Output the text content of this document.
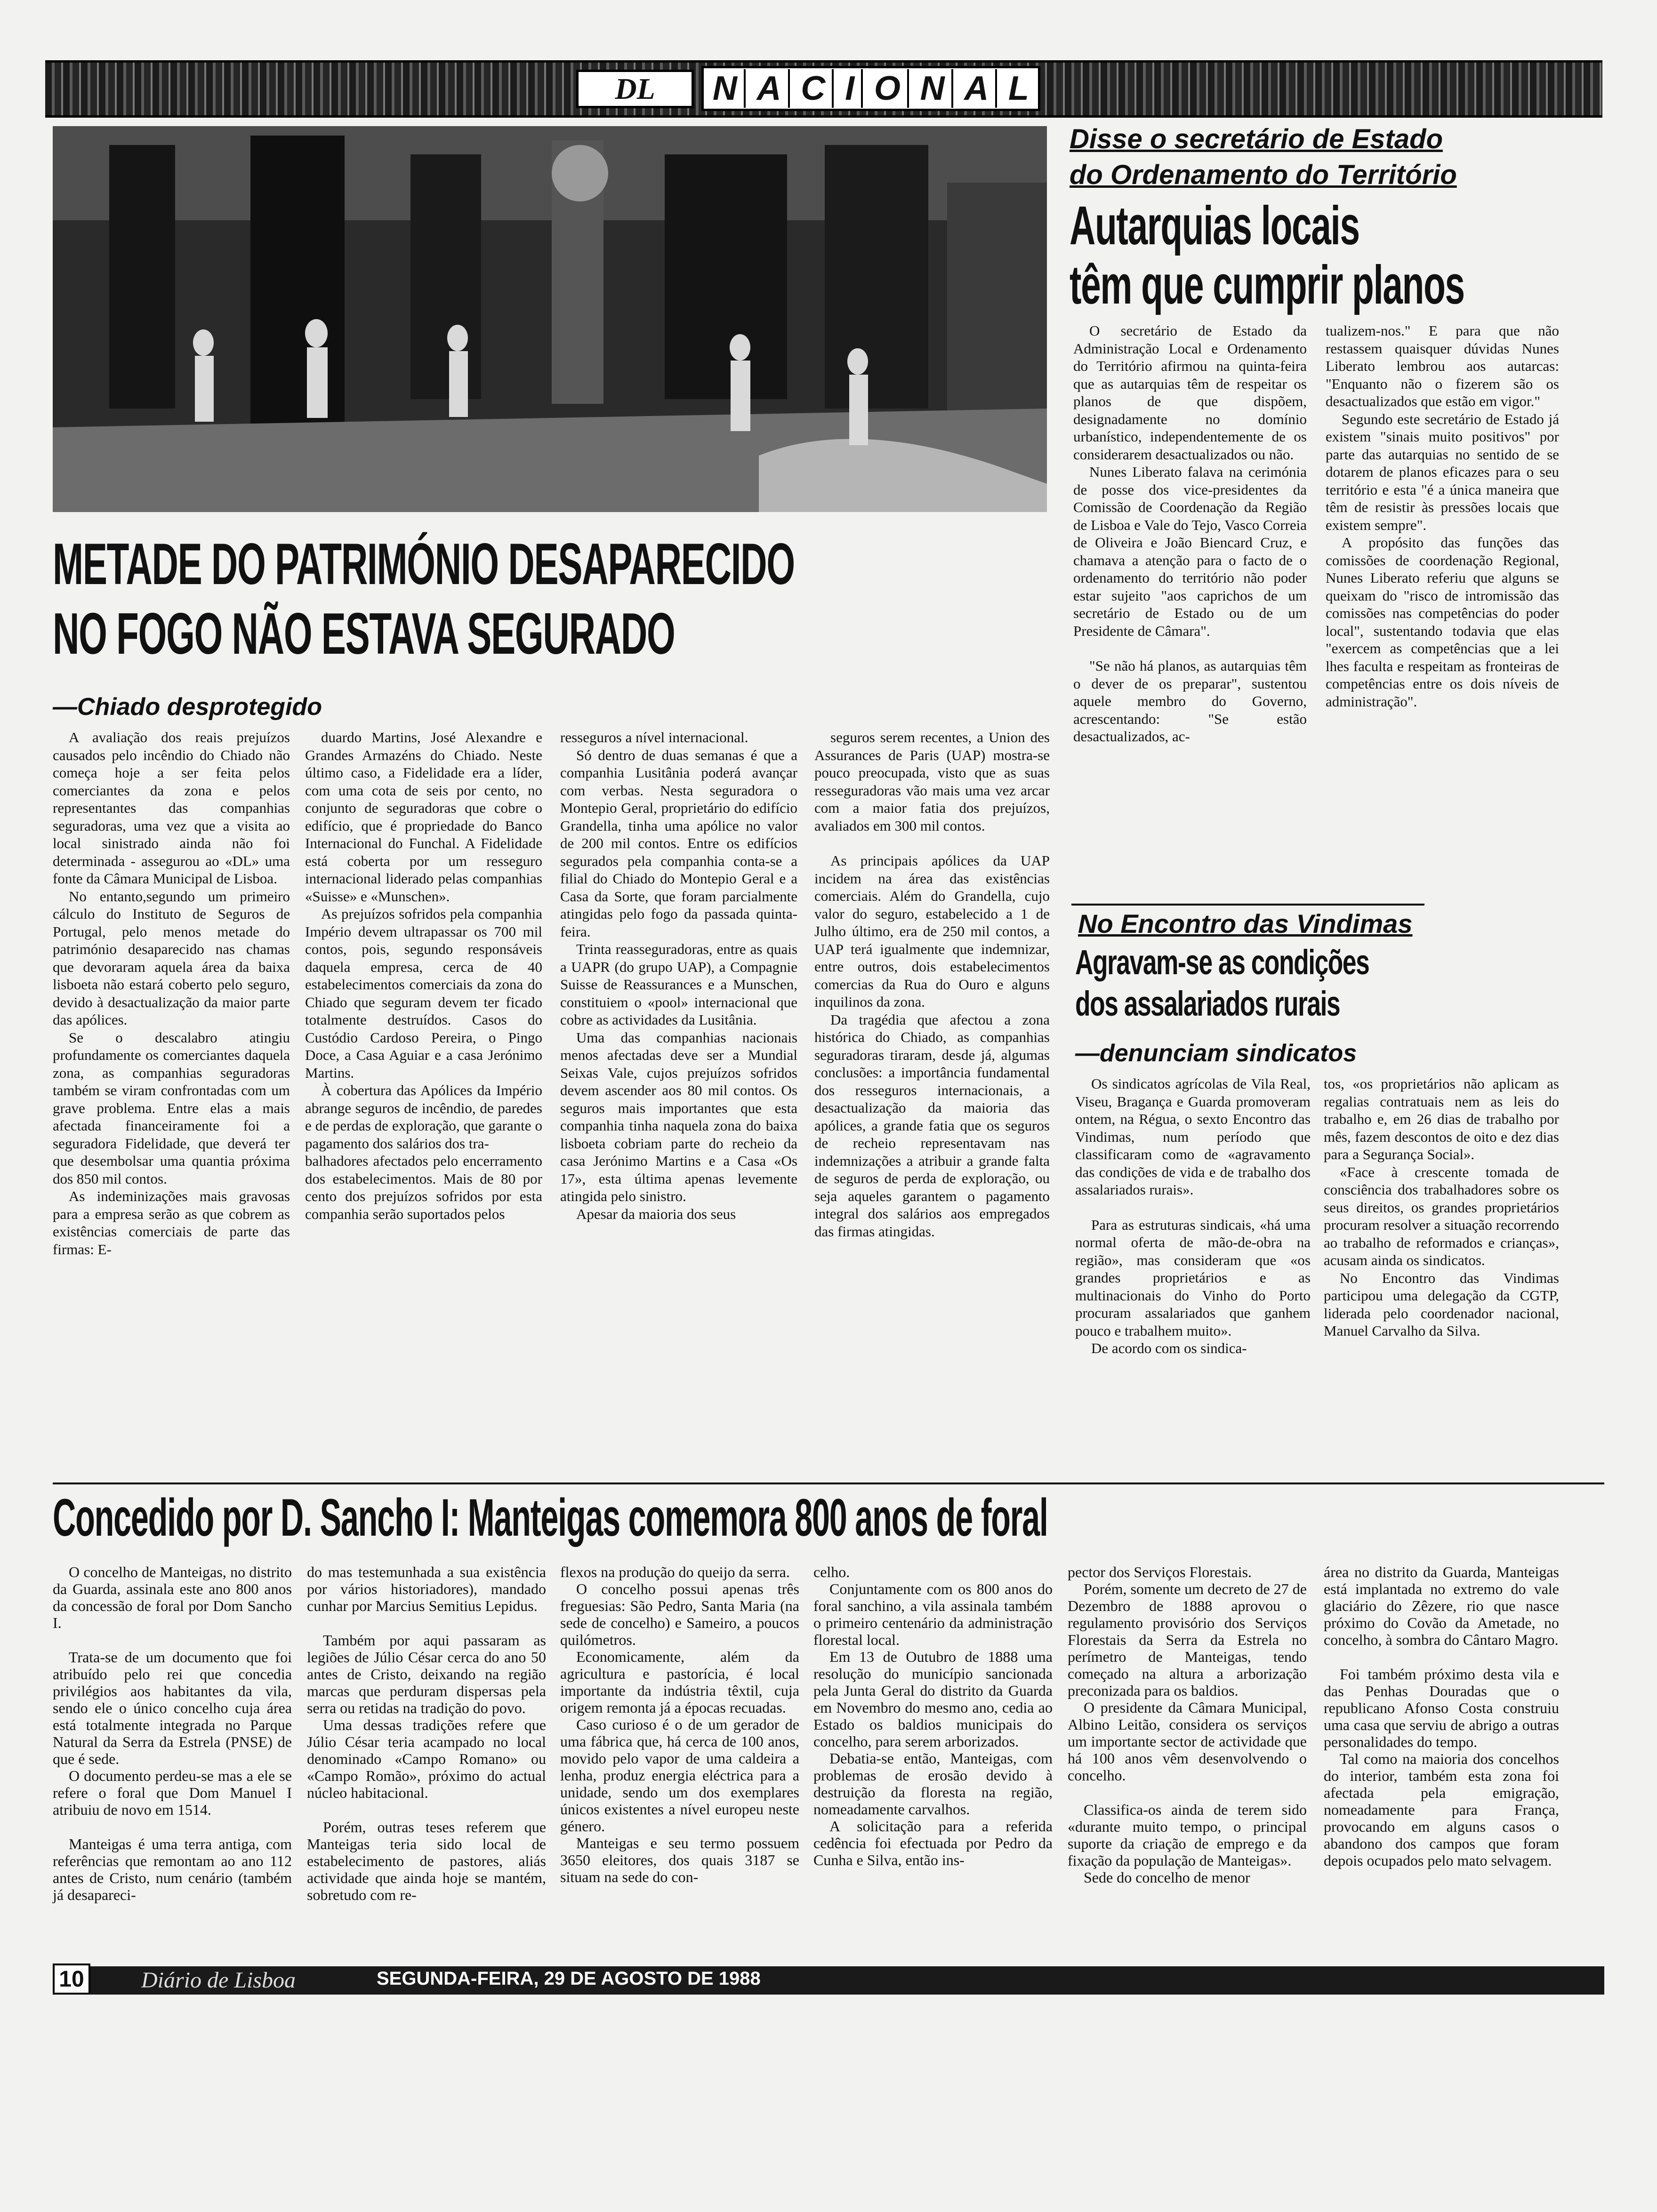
DL N A C I O N A L
METADE DO PATRIMÓNIO DESAPARECIDO
NO FOGO NÃO ESTAVA SEGURADO
—Chiado desprotegido

A avaliação dos reais prejuízos causados pelo incêndio do Chiado não começa hoje a ser feita pelos comerciantes da zona e pelos representantes das companhias seguradoras, uma vez que a visita ao local sinistrado ainda não foi determinada - assegurou ao «DL» uma fonte da Câmara Municipal de Lisboa.

No entanto,segundo um primeiro cálculo do Instituto de Seguros de Portugal, pelo menos metade do património desaparecido nas chamas que devoraram aquela área da baixa lisboeta não estará coberto pelo seguro, devido à desactualização da maior parte das apólices.

Se o descalabro atingiu profundamente os comerciantes daquela zona, as companhias seguradoras também se viram confrontadas com um grave problema. Entre elas a mais afectada financeiramente foi a seguradora Fidelidade, que deverá ter que desembolsar uma quantia próxima dos 850 mil contos.

As indeminizações mais gravosas para a empresa serão as que cobrem as existências comerciais de parte das firmas: E-

duardo Martins, José Alexandre e Grandes Armazéns do Chiado. Neste último caso, a Fidelidade era a líder, com uma cota de seis por cento, no conjunto de seguradoras que cobre o edifício, que é propriedade do Banco Internacional do Funchal. A Fidelidade está coberta por um resseguro internacional liderado pelas companhias «Suisse» e «Munschen».

As prejuízos sofridos pela companhia Império devem ultrapassar os 700 mil contos, pois, segundo responsáveis daquela empresa, cerca de 40 estabelecimentos comerciais da zona do Chiado que seguram devem ter ficado totalmente destruídos. Casos do Custódio Cardoso Pereira, o Pingo Doce, a Casa Aguiar e a casa Jerónimo Martins.

À cobertura das Apólices da Império abrange seguros de incêndio, de paredes e de perdas de exploração, que garante o pagamento dos salários dos tra-

balhadores afectados pelo encerramento dos estabelecimentos. Mais de 80 por cento dos prejuízos sofridos por esta companhia serão suportados pelos

resseguros a nível internacional.

Só dentro de duas semanas é que a companhia Lusitânia poderá avançar com verbas. Nesta seguradora o Montepio Geral, proprietário do edifício Grandella, tinha uma apólice no valor de 200 mil contos. Entre os edifícios segurados pela companhia conta-se a filial do Chiado do Montepio Geral e a Casa da Sorte, que foram parcialmente atingidas pelo fogo da passada quinta-feira.

Trinta reasseguradoras, entre as quais a UAPR (do grupo UAP), a Compagnie Suisse de Reassurances e a Munschen, constituiem o «pool» internacional que cobre as actividades da Lusitânia.

Uma das companhias nacionais menos afectadas deve ser a Mundial Seixas Vale, cujos prejuízos sofridos devem ascender aos 80 mil contos. Os seguros mais importantes que esta companhia tinha naquela zona do baixa lisboeta cobriam parte do recheio da casa Jerónimo Martins e a Casa «Os 17», esta última apenas levemente atingida pelo sinistro.

Apesar da maioria dos seus

seguros serem recentes, a Union des Assurances de Paris (UAP) mostra-se pouco preocupada, visto que as suas resseguradoras vão mais uma vez arcar com a maior fatia dos prejuízos, avaliados em 300 mil contos.

As principais apólices da UAP incidem na área das existências comerciais. Além do Grandella, cujo valor do seguro, estabelecido a 1 de Julho último, era de 250 mil contos, a UAP terá igualmente que indemnizar, entre outros, dois estabelecimentos comercias da Rua do Ouro e alguns inquilinos da zona.

Da tragédia que afectou a zona histórica do Chiado, as companhias seguradoras tiraram, desde já, algumas conclusões: a importância fundamental dos resseguros internacionais, a desactualização da maioria das apólices, a grande fatia que os seguros de recheio representavam nas indemnizações a atribuir a grande falta de seguros de perda de exploração, ou seja aqueles garantem o pagamento integral dos salários aos empregados das firmas atingidas.

Disse o secretário de Estado
do Ordenamento do Território
Autarquias locais
têm que cumprir planos

O secretário de Estado da Administração Local e Ordenamento do Território afirmou na quinta-feira que as autarquias têm de respeitar os planos de que dispõem, designadamente no domínio urbanístico, independentemente de os considerarem desactualizados ou não.

Nunes Liberato falava na cerimónia de posse dos vice-presidentes da Comissão de Coordenação da Região de Lisboa e Vale do Tejo, Vasco Correia de Oliveira e João Biencard Cruz, e chamava a atenção para o facto de o ordenamento do território não poder estar sujeito "aos caprichos de um secretário de Estado ou de um Presidente de Câmara".

"Se não há planos, as autarquias têm o dever de os preparar", sustentou aquele membro do Governo, acrescentando: "Se estão desactualizados, ac-

tualizem-nos." E para que não restassem quaisquer dúvidas Nunes Liberato lembrou aos autarcas: "Enquanto não o fizerem são os desactualizados que estão em vigor."

Segundo este secretário de Estado já existem "sinais muito positivos" por parte das autarquias no sentido de se dotarem de planos eficazes para o seu território e esta "é a única maneira que têm de resistir às pressões locais que existem sempre".

A propósito das funções das comissões de coordenação Regional, Nunes Liberato referiu que alguns se queixam do "risco de intromissão das comissões nas competências do poder local", sustentando todavia que elas "exercem as competências que a lei lhes faculta e respeitam as fronteiras de competências entre os dois níveis de administração".

No Encontro das Vindimas
Agravam-se as condições
dos assalariados rurais
—denunciam sindicatos

Os sindicatos agrícolas de Vila Real, Viseu, Bragança e Guarda promoveram ontem, na Régua, o sexto Encontro das Vindimas, num período que classificaram como de «agravamento das condições de vida e de trabalho dos assalariados rurais».

Para as estruturas sindicais, «há uma normal oferta de mão-de-obra na região», mas consideram que «os grandes proprietários e as multinacionais do Vinho do Porto procuram assalariados que ganhem pouco e trabalhem muito».

De acordo com os sindica-

tos, «os proprietários não aplicam as regalias contratuais nem as leis do trabalho e, em 26 dias de trabalho por mês, fazem descontos de oito e dez dias para a Segurança Social».

«Face à crescente tomada de consciência dos trabalhadores sobre os seus direitos, os grandes proprietários procuram resolver a situação recorrendo ao trabalho de reformados e crianças», acusam ainda os sindicatos.

No Encontro das Vindimas participou uma delegação da CGTP, liderada pelo coordenador nacional, Manuel Carvalho da Silva.

Concedido por D. Sancho I: Manteigas comemora 800 anos de foral

O concelho de Manteigas, no distrito da Guarda, assinala este ano 800 anos da concessão de foral por Dom Sancho I.

Trata-se de um documento que foi atribuído pelo rei que concedia privilégios aos habitantes da vila, sendo ele o único concelho cuja área está totalmente integrada no Parque Natural da Serra da Estrela (PNSE) de que é sede.

O documento perdeu-se mas a ele se refere o foral que Dom Manuel I atribuiu de novo em 1514.

Manteigas é uma terra antiga, com referências que remontam ao ano 112 antes de Cristo, num cenário (também já desapareci-

do mas testemunhada a sua existência por vários historiadores), mandado cunhar por Marcius Semitius Lepidus.

Também por aqui passaram as legiões de Júlio César cerca do ano 50 antes de Cristo, deixando na região marcas que perduram dispersas pela serra ou retidas na tradição do povo.

Uma dessas tradições refere que Júlio César teria acampado no local denominado «Campo Romano» ou «Campo Romão», próximo do actual núcleo habitacional.

Porém, outras teses referem que Manteigas teria sido local de estabelecimento de pastores, aliás actividade que ainda hoje se mantém, sobretudo com re-

flexos na produção do queijo da serra.

O concelho possui apenas três freguesias: São Pedro, Santa Maria (na sede de concelho) e Sameiro, a poucos quilómetros.

Economicamente, além da agricultura e pastorícia, é local importante da indústria têxtil, cuja origem remonta já a épocas recuadas.

Caso curioso é o de um gerador de uma fábrica que, há cerca de 100 anos, movido pelo vapor de uma caldeira a lenha, produz energia eléctrica para a unidade, sendo um dos exemplares únicos existentes a nível europeu neste género.

Manteigas e seu termo possuem 3650 eleitores, dos quais 3187 se situam na sede do con-

celho.

Conjuntamente com os 800 anos do foral sanchino, a vila assinala também o primeiro centenário da administração florestal local.

Em 13 de Outubro de 1888 uma resolução do município sancionada pela Junta Geral do distrito da Guarda em Novembro do mesmo ano, cedia ao Estado os baldios municipais do concelho, para serem arborizados.

Debatia-se então, Manteigas, com problemas de erosão devido à destruição da floresta na região, nomeadamente carvalhos.

A solicitação para a referida cedência foi efectuada por Pedro da Cunha e Silva, então ins-

pector dos Serviços Florestais.

Porém, somente um decreto de 27 de Dezembro de 1888 aprovou o regulamento provisório dos Serviços Florestais da Serra da Estrela no perímetro de Manteigas, tendo começado na altura a arborização preconizada para os baldios.

O presidente da Câmara Municipal, Albino Leitão, considera os serviços um importante sector de actividade que há 100 anos vêm desenvolvendo o concelho.

Classifica-os ainda de terem sido «durante muito tempo, o principal suporte da criação de emprego e da fixação da população de Manteigas».

Sede do concelho de menor

área no distrito da Guarda, Manteigas está implantada no extremo do vale glaciário do Zêzere, rio que nasce próximo do Covão da Ametade, no concelho, à sombra do Cântaro Magro.

Foi também próximo desta vila e das Penhas Douradas que o republicano Afonso Costa construiu uma casa que serviu de abrigo a outras personalidades do tempo.

Tal como na maioria dos concelhos do interior, também esta zona foi afectada pela emigração, nomeadamente para França, provocando em alguns casos o abandono dos campos que foram depois ocupados pelo mato selvagem.

10	Diário de Lisboa	SEGUNDA-FEIRA, 29 DE AGOSTO DE 1988
